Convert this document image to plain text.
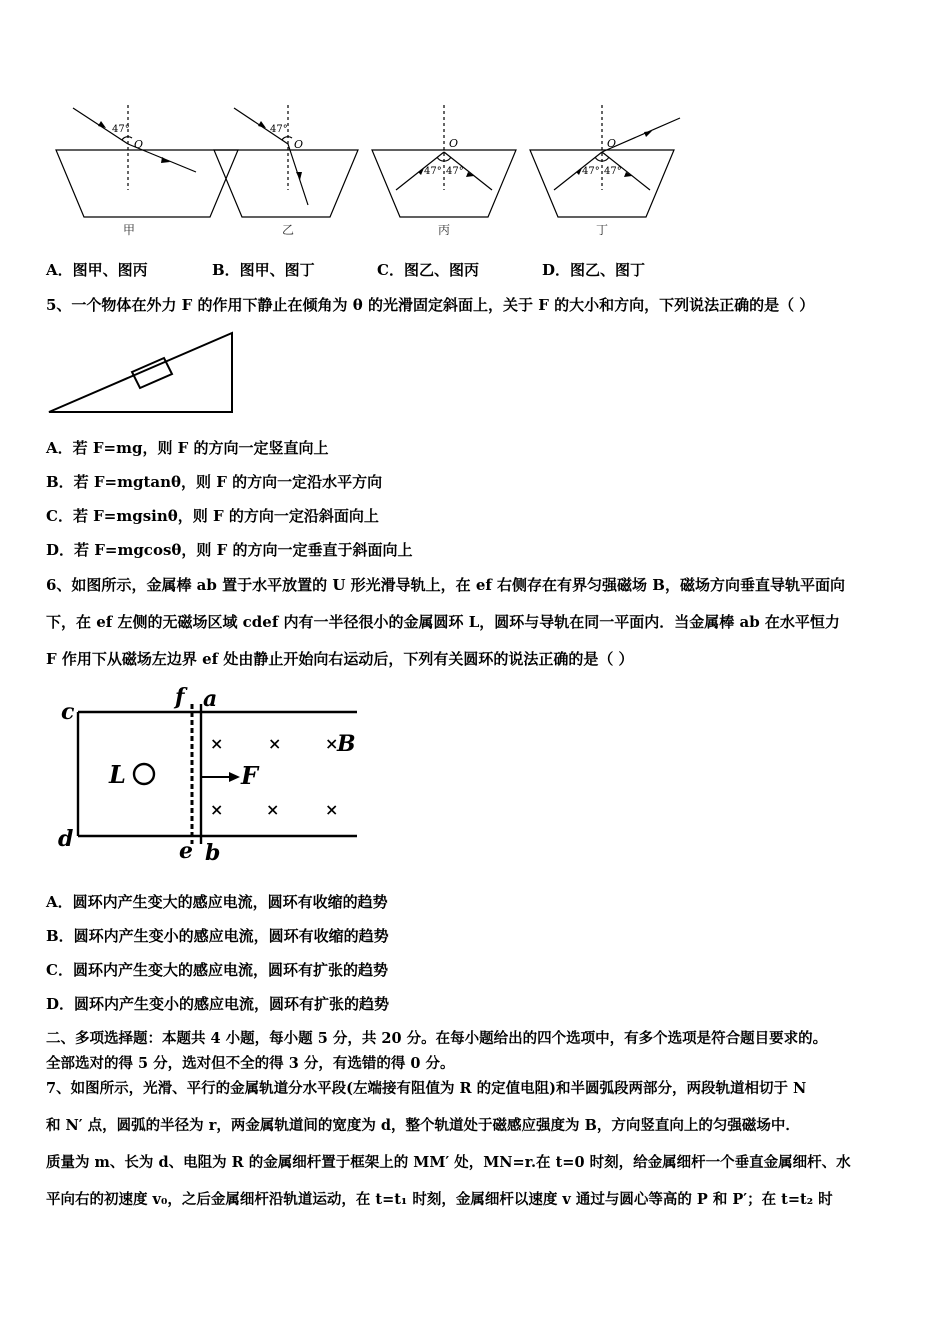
47°
O
47°
O	O
47° 47°
O
47° 47°
甲	乙	丙	丁
A．图甲、图丙	B．图甲、图丁	C．图乙、图丙	D．图乙、图丁
5、一个物体在外力 F 的作用下静止在倾角为 θ 的光滑固定斜面上，关于 F 的大小和方向，下列说法正确的是（ ）
A．若 F=mg，则 F 的方向一定竖直向上
B．若 F=mgtanθ，则 F 的方向一定沿水平方向
C．若 F=mgsinθ，则 F 的方向一定沿斜面向上
D．若 F=mgcosθ，则 F 的方向一定垂直于斜面向上
6、如图所示，金属棒 ab 置于水平放置的 U 形光滑导轨上，在 ef 右侧存在有界匀强磁场 B，磁场方向垂直导轨平面向
下，在 ef 左侧的无磁场区域 cdef 内有一半径很小的金属圆环 L，圆环与导轨在同一平面内．当金属棒 ab 在水平恒力
F 作用下从磁场左边界 ef 处由静止开始向右运动后，下列有关圆环的说法正确的是（ ）
c
d
f a
e b
L	F
B
×	×	×
×	×	×
A．圆环内产生变大的感应电流，圆环有收缩的趋势
B．圆环内产生变小的感应电流，圆环有收缩的趋势
C．圆环内产生变大的感应电流，圆环有扩张的趋势
D．圆环内产生变小的感应电流，圆环有扩张的趋势
二、多项选择题：本题共 4 小题，每小题 5 分，共 20 分。在每小题给出的四个选项中，有多个选项是符合题目要求的。
全部选对的得 5 分，选对但不全的得 3 分，有选错的得 0 分。
7、如图所示，光滑、平行的金属轨道分水平段(左端接有阻值为 R 的定值电阻)和半圆弧段两部分，两段轨道相切于 N
和 N′ 点，圆弧的半径为 r，两金属轨道间的宽度为 d，整个轨道处于磁感应强度为 B，方向竖直向上的匀强磁场中．
质量为 m、长为 d、电阻为 R 的金属细杆置于框架上的 MM′ 处，MN=r.在 t=0 时刻，给金属细杆一个垂直金属细杆、水
平向右的初速度 v₀，之后金属细杆沿轨道运动，在 t=t₁ 时刻，金属细杆以速度 v 通过与圆心等高的 P 和 P′；在 t=t₂ 时
